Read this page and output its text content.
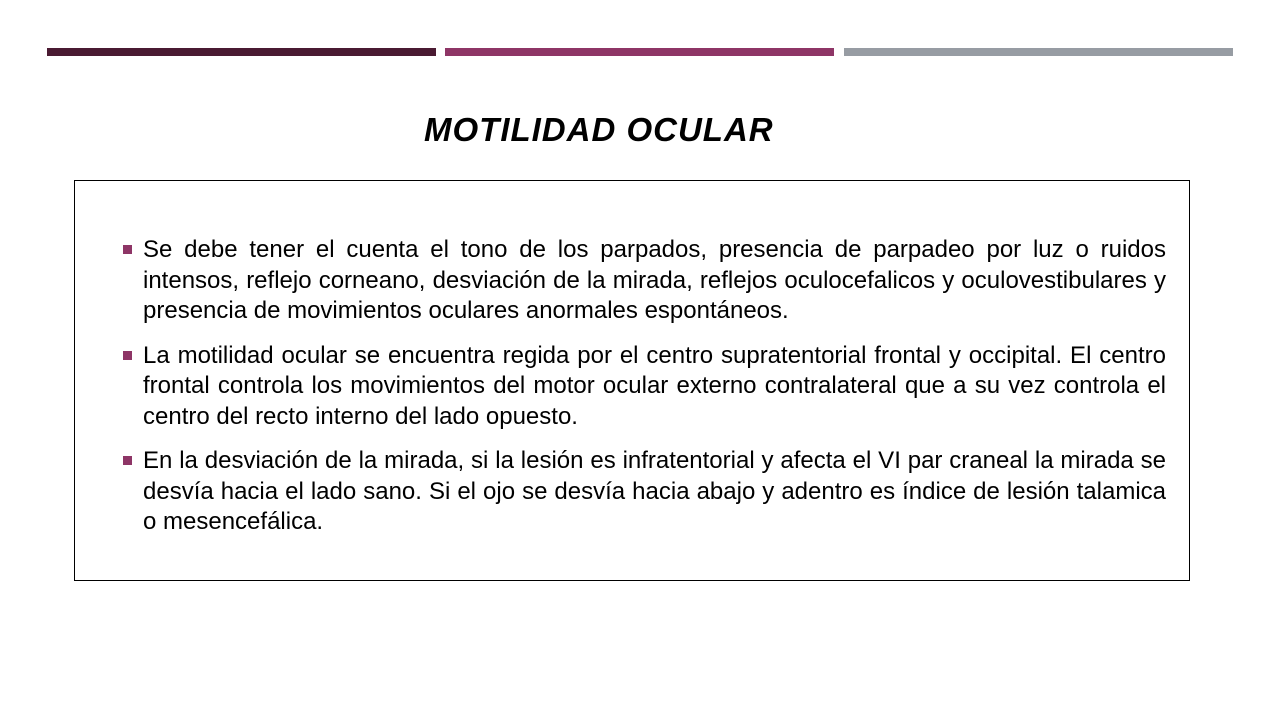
MOTILIDAD OCULAR
Se debe tener el cuenta el tono de los parpados, presencia de parpadeo por luz o ruidos intensos, reflejo corneano, desviación de la mirada, reflejos oculocefalicos y oculovestibulares y presencia de movimientos oculares anormales espontáneos.
La motilidad ocular se encuentra regida por el centro supratentorial frontal y occipital. El centro frontal controla los movimientos del motor ocular externo contralateral que a su vez controla el centro del recto interno del lado opuesto.
En la desviación de la mirada, si la lesión es infratentorial y afecta el VI par craneal la mirada se desvía hacia el lado sano. Si el ojo se desvía hacia abajo y adentro es índice de lesión talamica o mesencefálica.
